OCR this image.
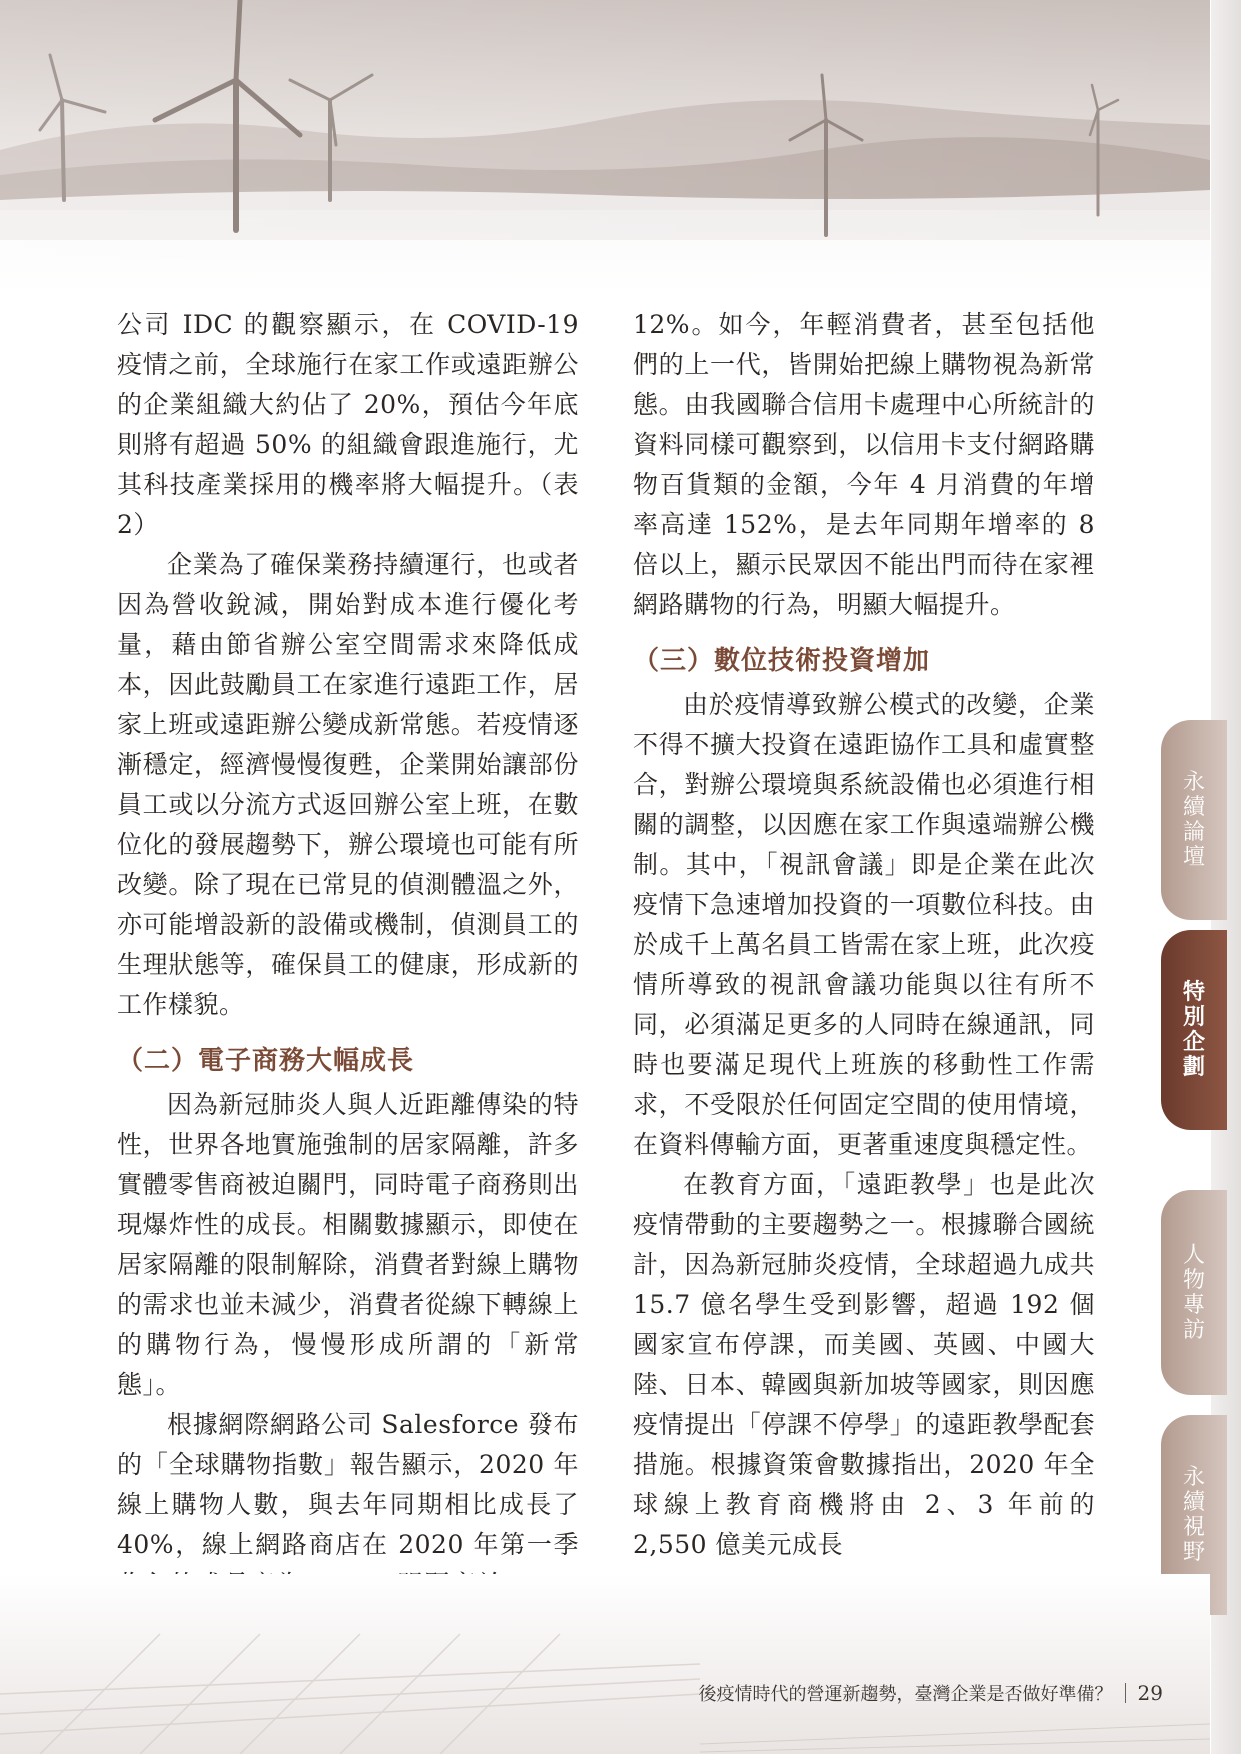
公司 IDC 的觀察顯示，在 COVID-19 疫情之前，全球施行在家工作或遠距辦公的企業組織大約佔了 20%，預估今年底則將有超過 50% 的組織會跟進施行，尤其科技產業採用的機率將大幅提升。（表 2）

企業為了確保業務持續運行，也或者因為營收銳減，開始對成本進行優化考量，藉由節省辦公室空間需求來降低成本，因此鼓勵員工在家進行遠距工作，居家上班或遠距辦公變成新常態。若疫情逐漸穩定，經濟慢慢復甦，企業開始讓部份員工或以分流方式返回辦公室上班，在數位化的發展趨勢下，辦公環境也可能有所改變。除了現在已常見的偵測體溫之外，亦可能增設新的設備或機制，偵測員工的生理狀態等，確保員工的健康，形成新的工作樣貌。

（二）電子商務大幅成長

因為新冠肺炎人與人近距離傳染的特性，世界各地實施強制的居家隔離，許多實體零售商被迫關門，同時電子商務則出現爆炸性的成長。相關數據顯示，即使在居家隔離的限制解除，消費者對線上購物的需求也並未減少，消費者從線下轉線上的購物行為，慢慢形成所謂的「新常態」。

根據網際網路公司 Salesforce 發布的「全球購物指數」報告顯示，2020 年線上購物人數，與去年同期相比成長了 40%，線上網路商店在 2020 年第一季

12%。如今，年輕消費者，甚至包括他們的上一代，皆開始把線上購物視為新常態。由我國聯合信用卡處理中心所統計的資料同樣可觀察到，以信用卡支付網路購物百貨類的金額，今年 4 月消費的年增率高達 152%，是去年同期年增率的 8 倍以上，顯示民眾因不能出門而待在家裡網路購物的行為，明顯大幅提升。

（三）數位技術投資增加

由於疫情導致辦公模式的改變，企業不得不擴大投資在遠距協作工具和虛實整合，對辦公環境與系統設備也必須進行相關的調整，以因應在家工作與遠端辦公機制。其中，「視訊會議」即是企業在此次疫情下急速增加投資的一項數位科技。由於成千上萬名員工皆需在家上班，此次疫情所導致的視訊會議功能與以往有所不同，必須滿足更多的人同時在線通訊，同時也要滿足現代上班族的移動性工作需求，不受限於任何固定空間的使用情境，在資料傳輸方面，更著重速度與穩定性。

在教育方面，「遠距教學」也是此次疫情帶動的主要趨勢之一。根據聯合國統計，因為新冠肺炎疫情，全球超過九成共 15.7 億名學生受到影響，超過 192 個國家宣布停課，而美國、英國、中國大陸、日本、韓國與新加坡等國家，則因應疫情提出「停課不停學」的遠距教學配套措施。根據資策會數據指出，2020 年全球線上教育商機將由 2、3 年前的 2,550 億美元成長

永續論壇
特別企劃
人物專訪
永續視野
後疫情時代的營運新趨勢，臺灣企業是否做好準備？ 29
